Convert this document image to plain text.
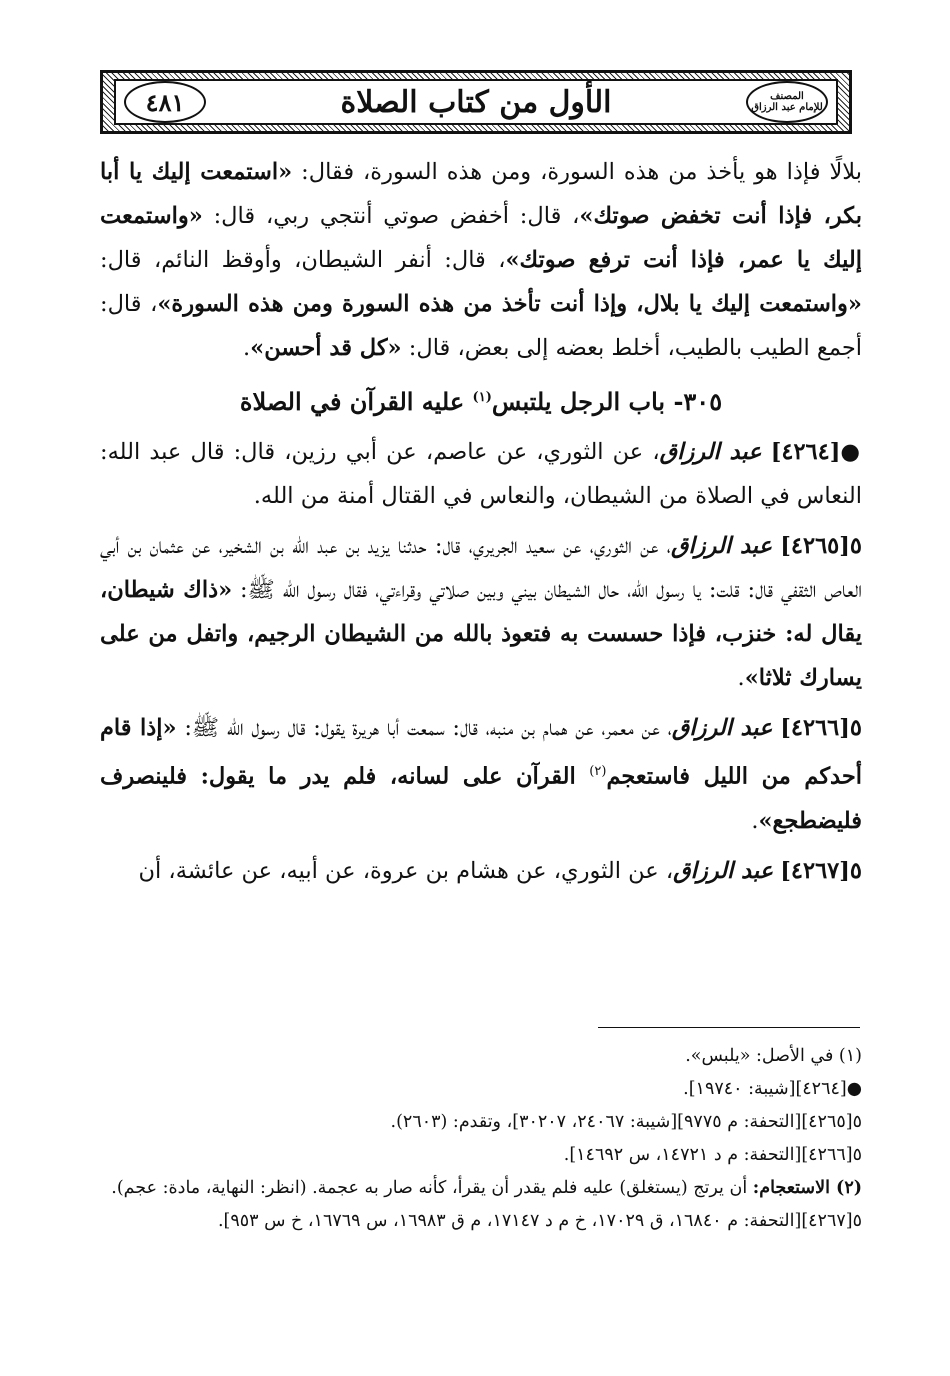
المصنف
للإمام عبد الرزاق
الأول من كتاب الصلاة
٤٨١

بلالًا فإذا هو يأخذ من هذه السورة، ومن هذه السورة، فقال: «استمعت إليك يا أبا بكر، فإذا أنت تخفض صوتك»، قال: أخفض صوتي أنتجي ربي، قال: «واستمعت إليك يا عمر، فإذا أنت ترفع صوتك»، قال: أنفر الشيطان، وأوقظ النائم، قال: «واستمعت إليك يا بلال، وإذا أنت تأخذ من هذه السورة ومن هذه السورة»، قال: أجمع الطيب بالطيب، أخلط بعضه إلى بعض، قال: «كل قد أحسن».

٣٠٥- باب الرجل يلتبس$^{(١)}$ عليه القرآن في الصلاة

●[٤٢٦٤] عبد الرزاق، عن الثوري، عن عاصم، عن أبي رزين، قال: قال عبد الله: النعاس في الصلاة من الشيطان، والنعاس في القتال أمنة من الله.

٥[٤٢٦٥] عبد الرزاق، عن الثوري، عن سعيد الجريري، قال: حدثنا يزيد بن عبد الله بن الشخير، عن عثمان بن أبي العاص الثقفي قال: قلت: يا رسول الله، حال الشيطان بيني وبين صلاتي وقراءتي، فقال رسول الله ﷺ: «ذاك شيطان، يقال له: خنزب، فإذا حسست به فتعوذ بالله من الشيطان الرجيم، واتفل من على يسارك ثلاثا».

٥[٤٢٦٦] عبد الرزاق، عن معمر، عن همام بن منبه، قال: سمعت أبا هريرة يقول: قال رسول الله ﷺ: «إذا قام أحدكم من الليل فاستعجم$^{(٢)}$ القرآن على لسانه، فلم يدر ما يقول: فلينصرف فليضطجع».

٥[٤٢٦٧] عبد الرزاق، عن الثوري، عن هشام بن عروة، عن أبيه، عن عائشة، أن

(١) في الأصل: «يلبس».

●[٤٢٦٤][شيبة: ١٩٧٤٠].

٥[٤٢٦٥][التحفة: م ٩٧٧٥][شيبة: ٢٤٠٦٧، ٣٠٢٠٧]، وتقدم: (٢٦٠٣).

٥[٤٢٦٦][التحفة: م د ١٤٧٢١، س ١٤٦٩٢].

(٢) الاستعجام: أن يرتج (يستغلق) عليه فلم يقدر أن يقرأ، كأنه صار به عجمة. (انظر: النهاية، مادة: عجم).

٥[٤٢٦٧][التحفة: م ١٦٨٤٠، ق ١٧٠٢٩، خ م د ١٧١٤٧، م ق ١٦٩٨٣، س ١٦٧٦٩، خ س ٩٥٣].
